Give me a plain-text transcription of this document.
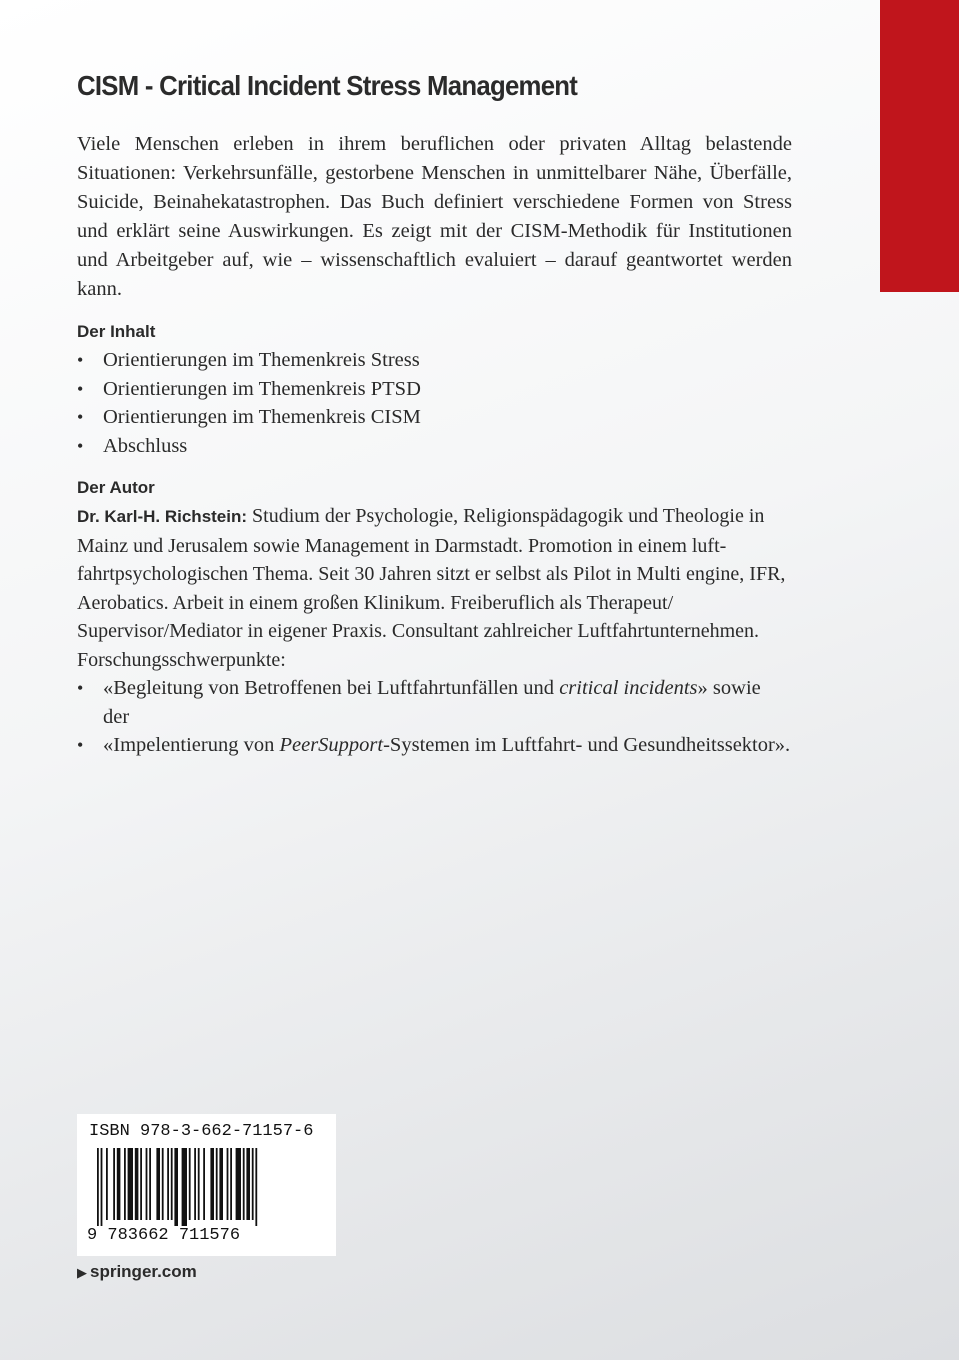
CISM - Critical Incident Stress Management

Viele Menschen erleben in ihrem beruflichen oder privaten Alltag belastende Situationen: Verkehrsunfälle, gestorbene Menschen in unmittelbarer Nähe, Überfälle, Suicide, Beinahekatastrophen. Das Buch definiert verschiedene Formen von Stress und erklärt seine Auswirkungen. Es zeigt mit der CISM-Methodik für Institutionen und Arbeitgeber auf, wie – wissenschaftlich evaluiert – darauf geantwortet werden kann.

Der Inhalt
• Orientierungen im Themenkreis Stress
• Orientierungen im Themenkreis PTSD
• Orientierungen im Themenkreis CISM
• Abschluss
Der Autor

Dr. Karl-H. Richstein: Studium der Psychologie, Religionspädagogik und Theologie in Mainz und Jerusalem sowie Management in Darmstadt. Promotion in einem luftfahrtpsychologischen Thema. Seit 30 Jahren sitzt er selbst als Pilot in Multi engine, IFR, Aerobatics. Arbeit in einem großen Klinikum. Freiberuflich als Therapeut/ Supervisor/Mediator in eigener Praxis. Consultant zahlreicher Luftfahrtunternehmen. Forschungsschwerpunkte:

• «Begleitung von Betroffenen bei Luftfahrtunfällen und critical incidents» sowie der
• «Impelentierung von PeerSupport-Systemen im Luftfahrt- und Gesundheitssektor».
ISBN 978-3-662-71157-6
9 783662 711576
▶ springer.com
